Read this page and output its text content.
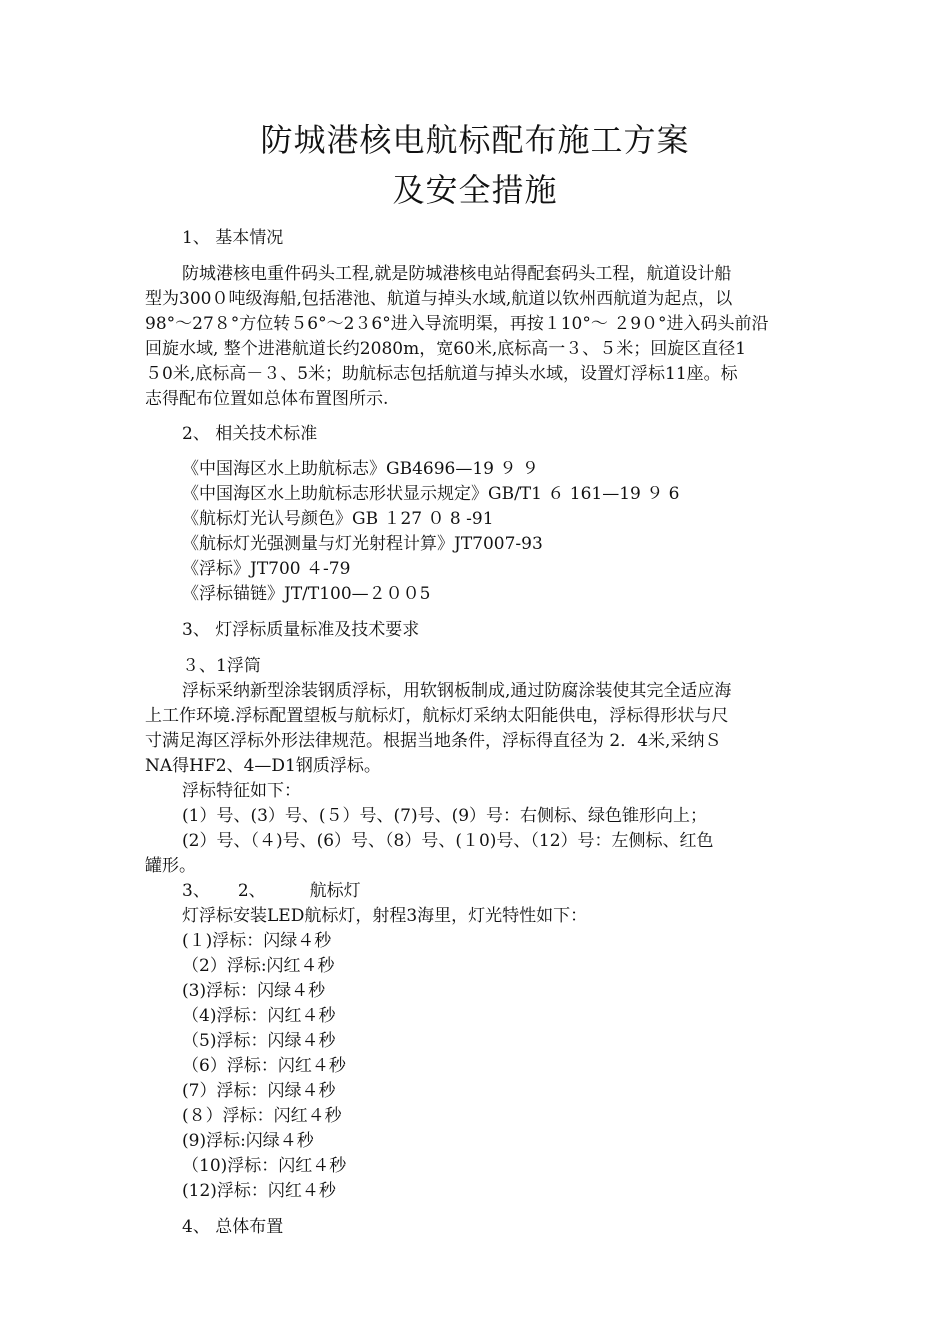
防城港核电航标配布施工方案
及安全措施
1、 基本情况
防城港核电重件码头工程,就是防城港核电站得配套码头工程，航道设计船
型为300０吨级海船,包括港池、航道与掉头水域,航道以钦州西航道为起点，以
98°～27８°方位转５6°～2３6°进入导流明渠，再按１10°～ ２9０°进入码头前沿
回旋水域, 整个进港航道长约2080m，宽60米,底标高一３、５米；回旋区直径1
５0米,底标高－３、5米；助航标志包括航道与掉头水域，设置灯浮标11座。标
志得配布位置如总体布置图所示.
2、 相关技术标准
《中国海区水上助航标志》GB4696—19 ９ ９
《中国海区水上助航标志形状显示规定》GB/T1 ６ 161—19 ９ 6
《航标灯光认号颜色》GB １27 ０ 8 -91
《航标灯光强测量与灯光射程计算》JT7007-93
《浮标》JT700 ４-79
《浮标锚链》JT/T100—２００5
3、 灯浮标质量标准及技术要求
３、1浮筒
浮标采纳新型涂装钢质浮标，用软钢板制成,通过防腐涂装使其完全适应海
上工作环境.浮标配置望板与航标灯，航标灯采纳太阳能供电，浮标得形状与尺
寸满足海区浮标外形法律规范。根据当地条件，浮标得直径为 2．4米,采纳Ｓ
NA得HF2、4—D1钢质浮标。
浮标特征如下：
(1）号、(3）号、(５）号、(7)号、(9）号：右侧标、绿色锥形向上；
(2）号、（４)号、(6）号、（8）号、(１0)号、（12）号：左侧标、红色
罐形。
3、 2、	航标灯
灯浮标安装LED航标灯，射程3海里，灯光特性如下：
(１)浮标：闪绿４秒
（2）浮标:闪红４秒
(3)浮标：闪绿４秒
（4)浮标：闪红４秒
（5)浮标：闪绿４秒
（6）浮标：闪红４秒
(7）浮标：闪绿４秒
(８）浮标：闪红４秒
(9)浮标:闪绿４秒
（10)浮标：闪红４秒
(12)浮标：闪红４秒
4、 总体布置
